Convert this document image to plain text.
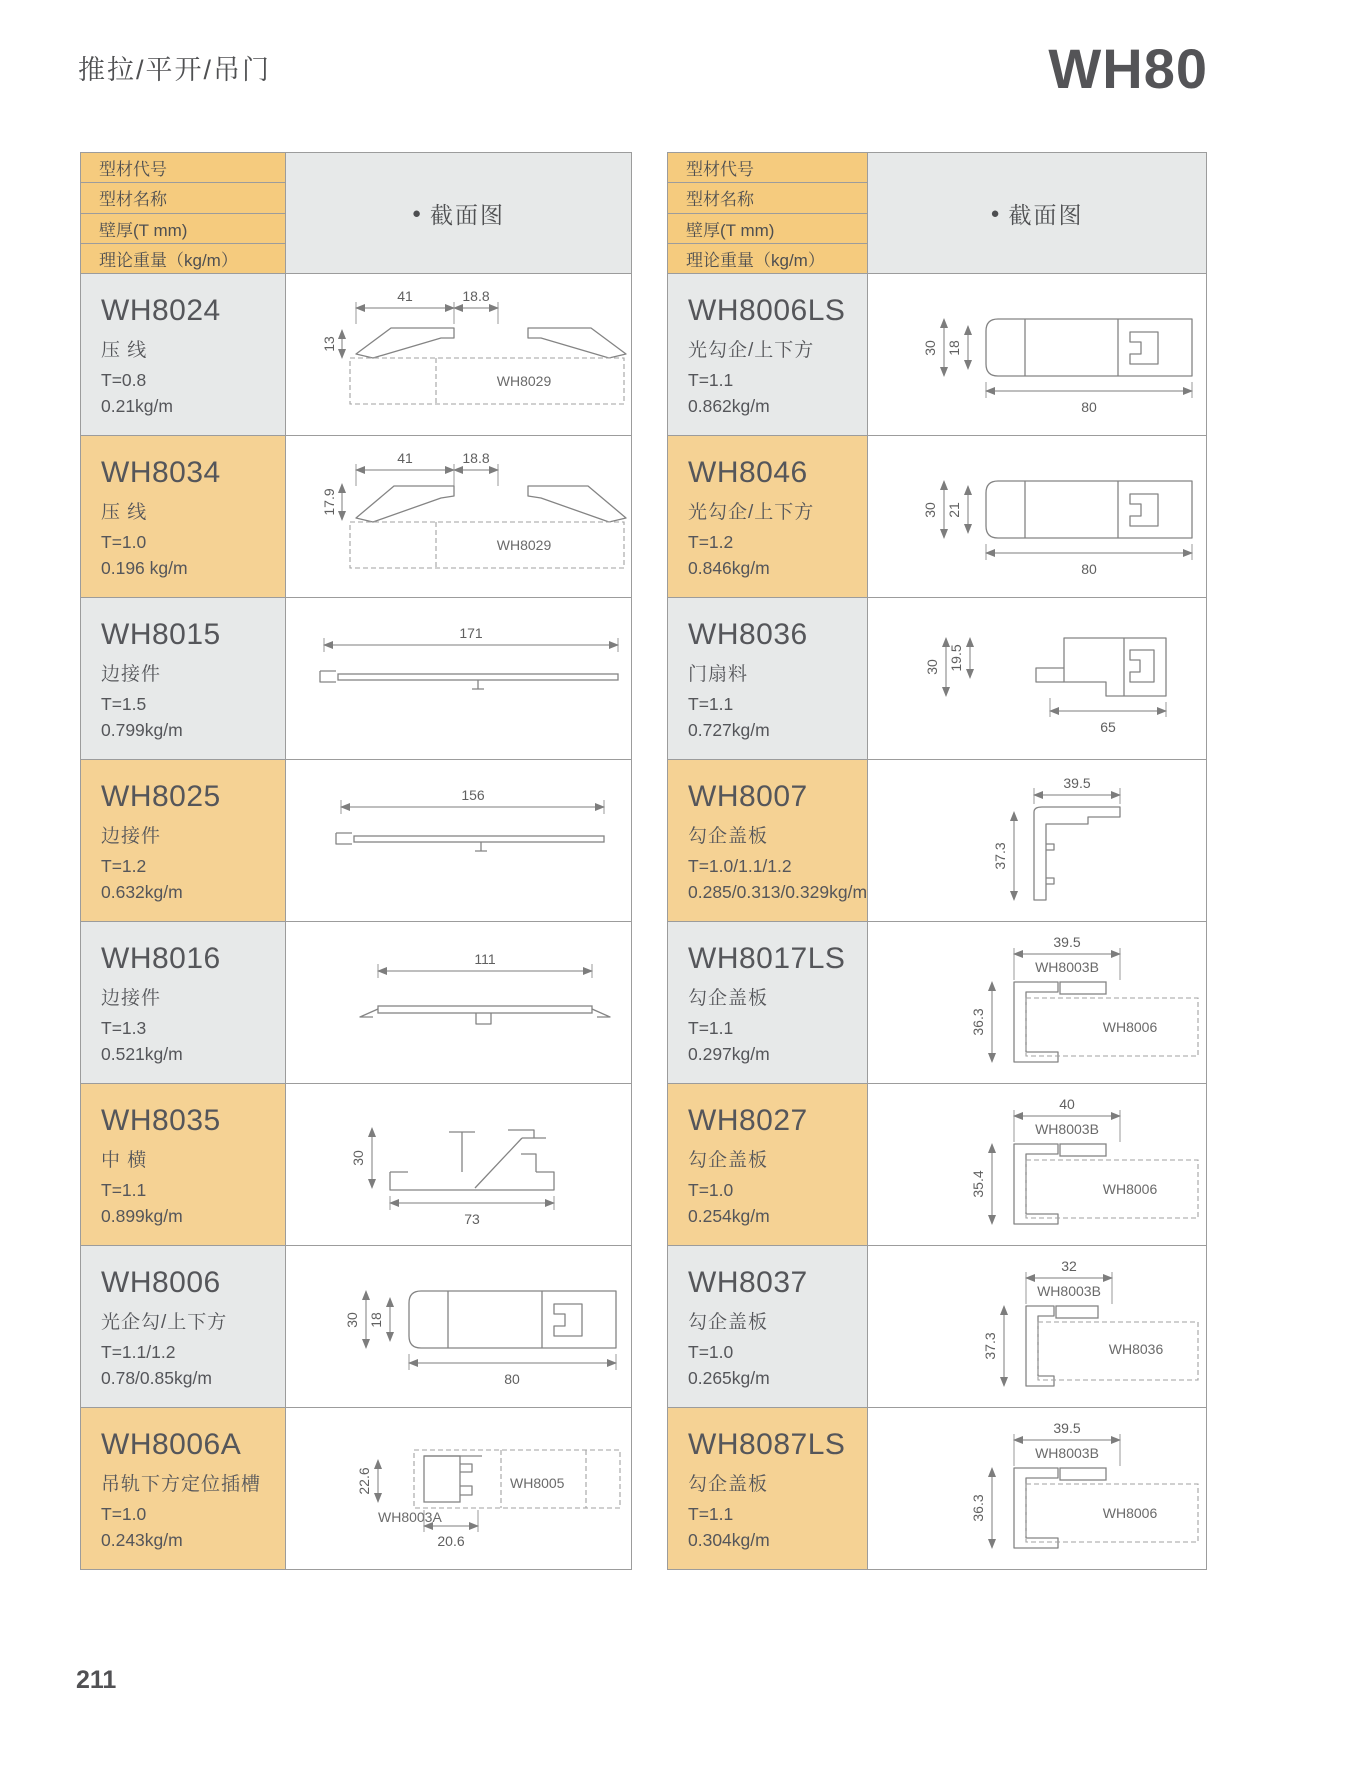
推拉/平开/吊门	WH80
型材代号
型材名称
壁厚(T mm)
理论重量（kg/m）
● 截面图
WH8024
压 线
T=0.8
0.21kg/m
41	18.8
13
WH8029
WH8034
压 线
T=1.0
0.196 kg/m
41	18.8
17.9
WH8029
WH8015
边接件
T=1.5
0.799kg/m
171
WH8025
边接件
T=1.2
0.632kg/m
156
WH8016
边接件
T=1.3
0.521kg/m
111
WH8035
中 横
T=1.1
0.899kg/m
30
73
WH8006
光企勾/上下方
T=1.1/1.2
0.78/0.85kg/m
30 18
80
WH8006A
吊轨下方定位插槽
T=1.0
0.243kg/m
22.6	WH8005
WH8003A
20.6
型材代号
型材名称
壁厚(T mm)
理论重量（kg/m）
● 截面图
WH8006LS
光勾企/上下方
T=1.1
0.862kg/m
30 18
80
WH8046
光勾企/上下方
T=1.2
0.846kg/m
30 21
80
WH8036
门扇料
T=1.1
0.727kg/m
30 19.5
65
WH8007
勾企盖板
T=1.0/1.1/1.2
0.285/0.313/0.329kg/m
39.5
37.3
WH8017LS
勾企盖板
T=1.1
0.297kg/m
39.5
WH8003B
WH8006
36.3
WH8027
勾企盖板
T=1.0
0.254kg/m
40
WH8003B
WH8006
35.4
WH8037
勾企盖板
T=1.0
0.265kg/m
32
WH8003B
WH8036
37.3
WH8087LS
勾企盖板
T=1.1
0.304kg/m
39.5
WH8003B
WH8006
36.3
211
